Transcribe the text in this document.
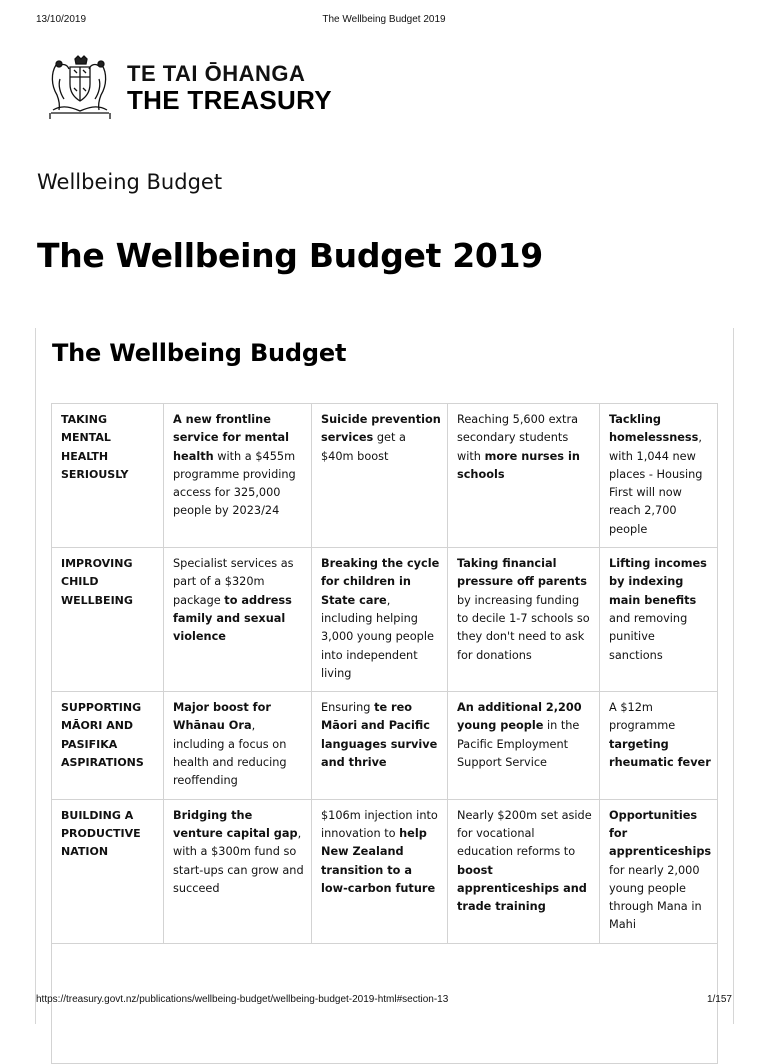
13/10/2019	The Wellbeing Budget 2019
TE TAI ŌHANGA
THE TREASURY
Wellbeing Budget
The Wellbeing Budget 2019
The Wellbeing Budget
TAKING MENTAL HEALTH SERIOUSLY	A new frontline service for mental health with a $455m programme providing access for 325,000 people by 2023/24	Suicide prevention services get a $40m boost	Reaching 5,600 extra secondary students with more nurses in schools	Tackling homelessness, with 1,044 new places - Housing First will now reach 2,700 people
IMPROVING CHILD WELLBEING	Specialist services as part of a $320m package to address family and sexual violence	Breaking the cycle for children in State care, including helping 3,000 young people into independent living	Taking financial pressure off parents by increasing funding to decile 1-7 schools so they don't need to ask for donations	Lifting incomes by indexing main benefits and removing punitive sanctions
SUPPORTING MĀORI AND PASIFIKA ASPIRATIONS	Major boost for Whānau Ora, including a focus on health and reducing reoffending	Ensuring te reo Māori and Pacific languages survive and thrive	An additional 2,200 young people in the Pacific Employment Support Service	A $12m programme targeting rheumatic fever
BUILDING A PRODUCTIVE NATION	Bridging the venture capital gap, with a $300m fund so start-ups can grow and succeed	$106m injection into innovation to help New Zealand transition to a low-carbon future	Nearly $200m set aside for vocational education reforms to boost apprenticeships and trade training	Opportunities for apprenticeships for nearly 2,000 young people through Mana in Mahi

https://treasury.govt.nz/publications/wellbeing-budget/wellbeing-budget-2019-html#section-13	1/157
